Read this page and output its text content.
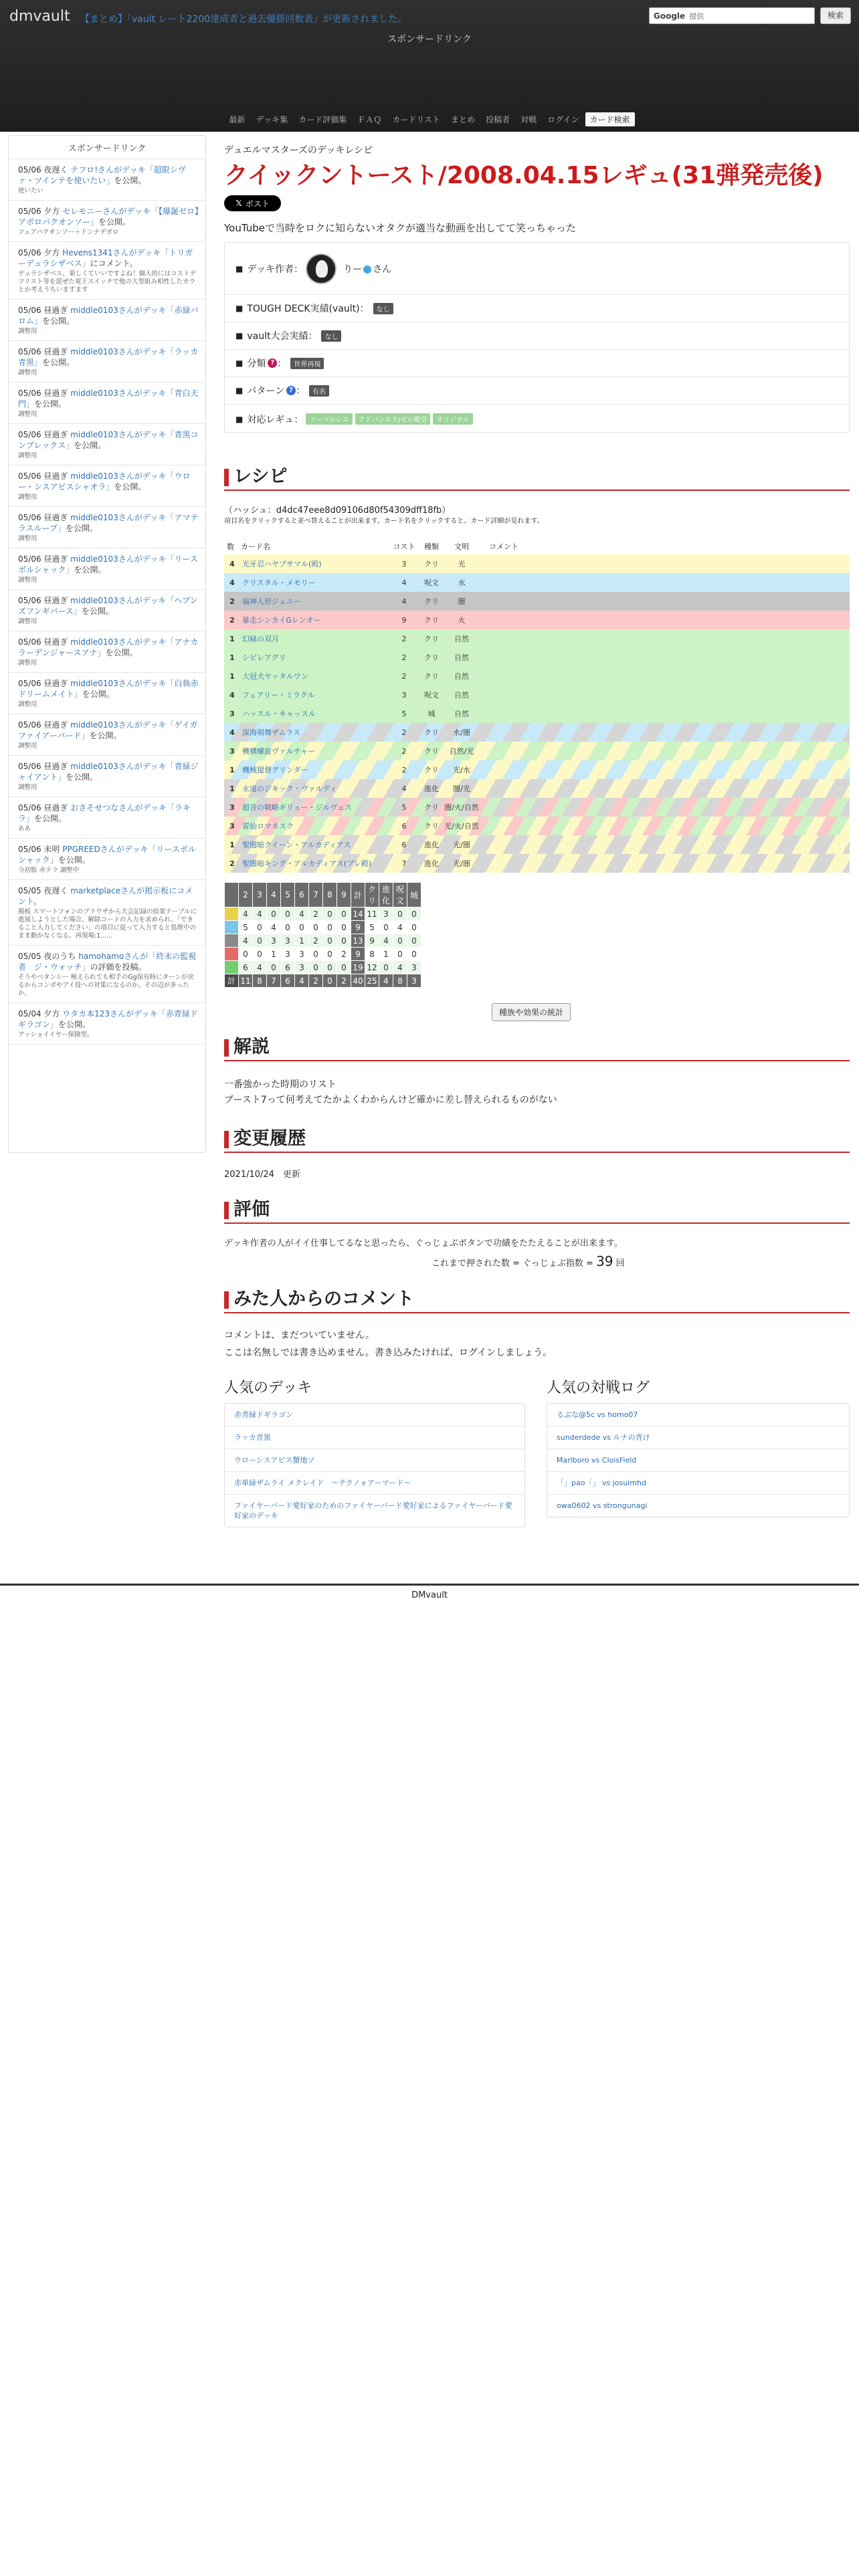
dmvault 【まとめ】「vault レート2200達成者と過去優勝回数表」が更新されました。
スポンサードリンク
Google 提供	検索
最新 デッキ集 カード評価集 ＦＡＱ カードリスト まとめ 投稿者 対戦 ログイン カード検索
スポンサードリンク
05/06 夜遅く テフロ!さんがデッキ「超限シヴァ・ツインテを使いたい」を公開。
使いたい
05/06 夕方 セレモニーさんがデッキ「【爆誕ゼロ】アポロバクオンソー」を公開。
フェアバクオンソー＋ドンナデガロ
05/06 夕方 Hevens1341さんがデッキ「トリガーデュラシザベス」にコメント。
デュラシザベス、楽しくていいですよね！個人的にはコストデフリスト等を混ぜた電王スイッチで他の大型組み相性したカウとか考えうちいますます
05/06 昼過ぎ middle0103さんがデッキ「赤緑バロム」を公開。
調整用
05/06 昼過ぎ middle0103さんがデッキ「ラッカ青黒」を公開。
調整用
05/06 昼過ぎ middle0103さんがデッキ「青白天門」を公開。
調整用
05/06 昼過ぎ middle0103さんがデッキ「青黒コンプレックス」を公開。
調整用
05/06 昼過ぎ middle0103さんがデッキ「ウロー・シスアビスシャオラ」を公開。
調整用
05/06 昼過ぎ middle0103さんがデッキ「アマテラスループ」を公開。
調整用
05/06 昼過ぎ middle0103さんがデッキ「リースボルシャック」を公開。
調整用
05/06 昼過ぎ middle0103さんがデッキ「ヘブンズフンギバース」を公開。
調整用
05/06 昼過ぎ middle0103さんがデッキ「アナカラーデンジャースアナ」を公開。
調整用
05/06 昼過ぎ middle0103さんがデッキ「白執赤ドリームメイト」を公開。
調整用
05/06 昼過ぎ middle0103さんがデッキ「ゲイガファイアーバード」を公開。
調整用
05/06 昼過ぎ middle0103さんがデッキ「青緑ジャイアント」を公開。
調整用
05/06 昼過ぎ おさそせつなさんがデッキ「ラキラ」を公開。
ああ
05/06 未明 PPGREEDさんがデッキ「リースボルシャック」を公開。
今初版 赤テラ 調整中
05/05 夜遅く marketplaceさんが掲示板にコメント。
掲板 スマートフォンのブラウザから大会記録の結果テーブルに進展しようとした場合、解除コードの入力を求められ、「できること入力してください」の項目に従って入力すると処理中のまま動かなくなる。再現場:1......
05/05 夜のうち hamohamoさんが「終末の監視者　ジ・ウォッチ」の評価を投稿。
そうやベタンシー 極えられても相手のGg保有時にターンが戻るからコンボやアイ役への対策になるのか、その辺が多ったか。
05/04 夕方 ウタカ本123さんがデッキ「赤青緑ドギラゴン」を公開。
アッショイイヤー保険型。
デュエルマスターズのデッキレシピ
クイックントースト/2008.04.15レギュ(31弾発売後)
𝕏 ポスト
YouTubeで当時をロクに知らないオタクが適当な動画を出してて笑っちゃった
■ デッキ作者：	りー さん
■ TOUGH DECK実績(vault)：	なし
■ vault大会実績：	なし
■ 分類 ? ：	世界再現
■ パターン ? ：	有名
■ 対応レギュ： ノーマルレス	アドバンスド/ゼル殿堂	オリジナル
レシピ
（ハッシュ：d4dc47eee8d09106d80f54309dff18fb）
項目名をクリックすると並べ替えることが出来ます。カード名をクリックすると、カード詳細が見れます。
数	カード名	コスト	種類	文明	コメント
4	光牙忍ハヤブサマル(殿)	3	クリ	光	
4	クリスタル・メモリー	4	呪文	水	
2	福神人形ジェニー	4	クリ	闇	
2	暴走シンカイGレンオー	9	クリ	火	
1	幻緑の双月	2	クリ	自然	
1	シビレアグリ	2	クリ	自然	
1	大冠犬ヤッタルワン	2	クリ	自然	
4	フェアリー・ミラクル	3	呪文	自然	
3	ハッスル・キャッスル	5	城	自然	
4	深海剣舞ザムラス	2	クリ	水/闇	
3	機構螺旋ヴァルチャー	2	クリ	自然/光	
1	機械提督グリンダー	2	クリ	光/水	
1	永遠のジキック・ヴァルディ	4	進化	闇/光	
3	超音の戦略ギリュー・ジルヴェス	5	クリ	闇/火/自然	
3	雷仙ロマネスク	6	クリ	光/火/自然	
1	聖闇暗クイーン・アルカディアス	6	進化	光/闇	
2	聖闇暗キング・アルカディアス(プレ殿)	7	進化	光/闇	
	2	3	4	5	6	7	8	9	計	クリ	進化	呪文	城
	4	4	0	0	4	2	0	0	14	11	3	0	0
	5	0	4	0	0	0	0	0	9	5	0	4	0
	4	0	3	3	1	2	0	0	13	9	4	0	0
	0	0	1	3	3	0	0	2	9	8	1	0	0
	6	4	0	6	3	0	0	0	19	12	0	4	3
計	11	8	7	6	4	2	0	2	40	25	4	8	3
種族や効果の統計
解説
一番強かった時期のリスト
ブースト7って何考えてたかよくわからんけど確かに差し替えられるものがない
変更履歴
2021/10/24　更新
評価
デッキ作者の人がイイ仕事してるなと思ったら、ぐっじょぶボタンで功績をたたえることが出来ます。
これまで押された数 = ぐっじょぶ指数 = 39 回
みた人からのコメント
コメントは、まだついていません。
ここは名無しでは書き込めません。書き込みたければ、ログインしましょう。
人気のデッキ
赤青緑ドギラゴン
ラッカ青黒
ウローシスアビス蟹地ソ
赤単緑ザムライ メクレイド　～テクノォアーマード～
ファイヤーバード愛好家のためのファイヤーバード愛好家によるファイヤーバード愛好家のデッキ
人気の対戦ログ
るぶな@5c vs homo07
sunderdede vs ルナの青け
Marlboro vs CloisField
「」pao「」 vs josuimhd
owa0602 vs strongunagi
DMvault
